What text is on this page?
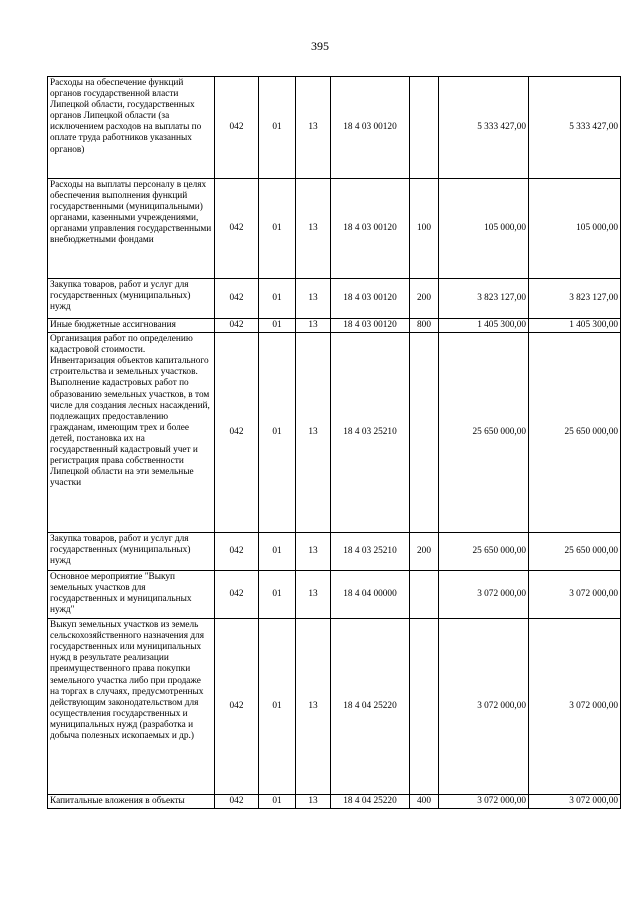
395
Расходы на обеспечение функций органов государственной власти Липецкой области, государственных органов Липецкой области (за исключением расходов на выплаты по оплате труда работников указанных органов)	042	01	13	18 4 03 00120		5 333 427,00	5 333 427,00
Расходы на выплаты персоналу в целях обеспечения выполнения функций государственными (муниципальными) органами, казенными учреждениями, органами управления государственными внебюджетными фондами	042	01	13	18 4 03 00120	100	105 000,00	105 000,00
Закупка товаров, работ и услуг для государственных (муниципальных) нужд	042	01	13	18 4 03 00120	200	3 823 127,00	3 823 127,00
Иные бюджетные ассигнования	042	01	13	18 4 03 00120	800	1 405 300,00	1 405 300,00
Организация работ по определению кадастровой стоимости. Инвентаризация объектов капитального строительства и земельных участков. Выполнение кадастровых работ по образованию земельных участков, в том числе для создания лесных насаждений, подлежащих предоставлению гражданам, имеющим трех и более детей, постановка их на государственный кадастровый учет и регистрация права собственности Липецкой области на эти земельные участки	042	01	13	18 4 03 25210		25 650 000,00	25 650 000,00
Закупка товаров, работ и услуг для государственных (муниципальных) нужд	042	01	13	18 4 03 25210	200	25 650 000,00	25 650 000,00
Основное мероприятие "Выкуп земельных участков для государственных и муниципальных нужд"	042	01	13	18 4 04 00000		3 072 000,00	3 072 000,00
Выкуп земельных участков из земель сельскохозяйственного назначения для государственных или муниципальных нужд в результате реализации преимущественного права покупки земельного участка либо при продаже на торгах в случаях, предусмотренных действующим законодательством для осуществления государственных и муниципальных нужд (разработка и добыча полезных ископаемых и др.)	042	01	13	18 4 04 25220		3 072 000,00	3 072 000,00
Капитальные вложения в объекты	042	01	13	18 4 04 25220	400	3 072 000,00	3 072 000,00
